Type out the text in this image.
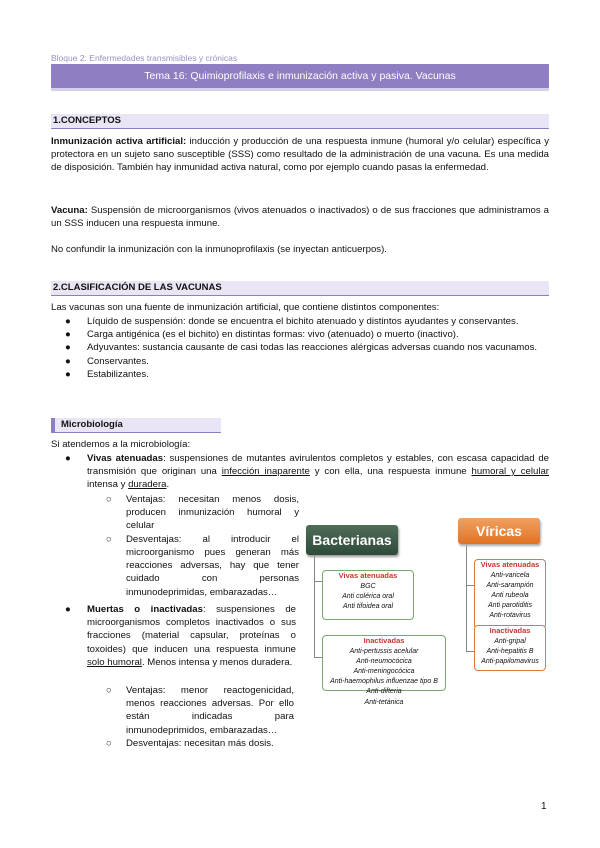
Bloque 2: Enfermedades transmisibles y crónicas
Tema 16: Quimioprofilaxis e inmunización activa y pasiva. Vacunas
1.CONCEPTOS
Inmunización activa artificial: inducción y producción de una respuesta inmune (humoral y/o celular) específica y protectora en un sujeto sano susceptible (SSS) como resultado de la administración de una vacuna. Es una medida de disposición. También hay inmunidad activa natural, como por ejemplo cuando pasas la enfermedad.
Vacuna: Suspensión de microorganismos (vivos atenuados o inactivados) o de sus fracciones que administramos a un SSS inducen una respuesta inmune.
No confundir la inmunización con la inmunoprofilaxis (se inyectan anticuerpos).
2.CLASIFICACIÓN DE LAS VACUNAS
Las vacunas son una fuente de inmunización artificial, que contiene distintos componentes:
● Líquido de suspensión: donde se encuentra el bichito atenuado y distintos ayudantes y conservantes.
● Carga antigénica (es el bichito) en distintas formas: vivo (atenuado) o muerto (inactivo).
● Adyuvantes: sustancia causante de casi todas las reacciones alérgicas adversas cuando nos vacunamos.
● Conservantes.
● Estabilizantes.
Microbiología
Si atendemos a la microbiología:
● Vivas atenuadas: suspensiones de mutantes avirulentos completos y estables, con escasa capacidad de transmisión que originan una infección inaparente y con ella, una respuesta inmune humoral y celular intensa y duradera.
○ Ventajas: necesitan menos dosis, producen inmunización humoral y celular
○ Desventajas: al introducir el microorganismo pues generan más reacciones adversas, hay que tener cuidado con personas inmunodeprimidas, embarazadas…
● Muertas o inactivadas: suspensiones de microorganismos completos inactivados o sus fracciones (material capsular, proteínas o toxoides) que inducen una respuesta inmune solo humoral. Menos intensa y menos duradera.
○ Ventajas: menor reactogenicidad, menos reacciones adversas. Por ello están indicadas para inmunodeprimidos, embarazadas…
○ Desventajas: necesitan más dosis.
Bacterianas
Víricas
Vivas atenuadas
BGC
Anti colérica oral
Anti tifoidea oral
Inactivadas
Anti-pertussis acelular
Anti-neumocócica
Anti-meningocócica
Anti-haemophilus influenzae tipo B
Anti-difteria
Anti-tetánica
Vivas atenuadas
Anti-varicela
Anti-sarampión
Anti rubeola
Anti parotiditis
Anti-rotavirus
Inactivadas
Anti-gripal
Anti-hepatitis B
Anti-papilomavirus
1
